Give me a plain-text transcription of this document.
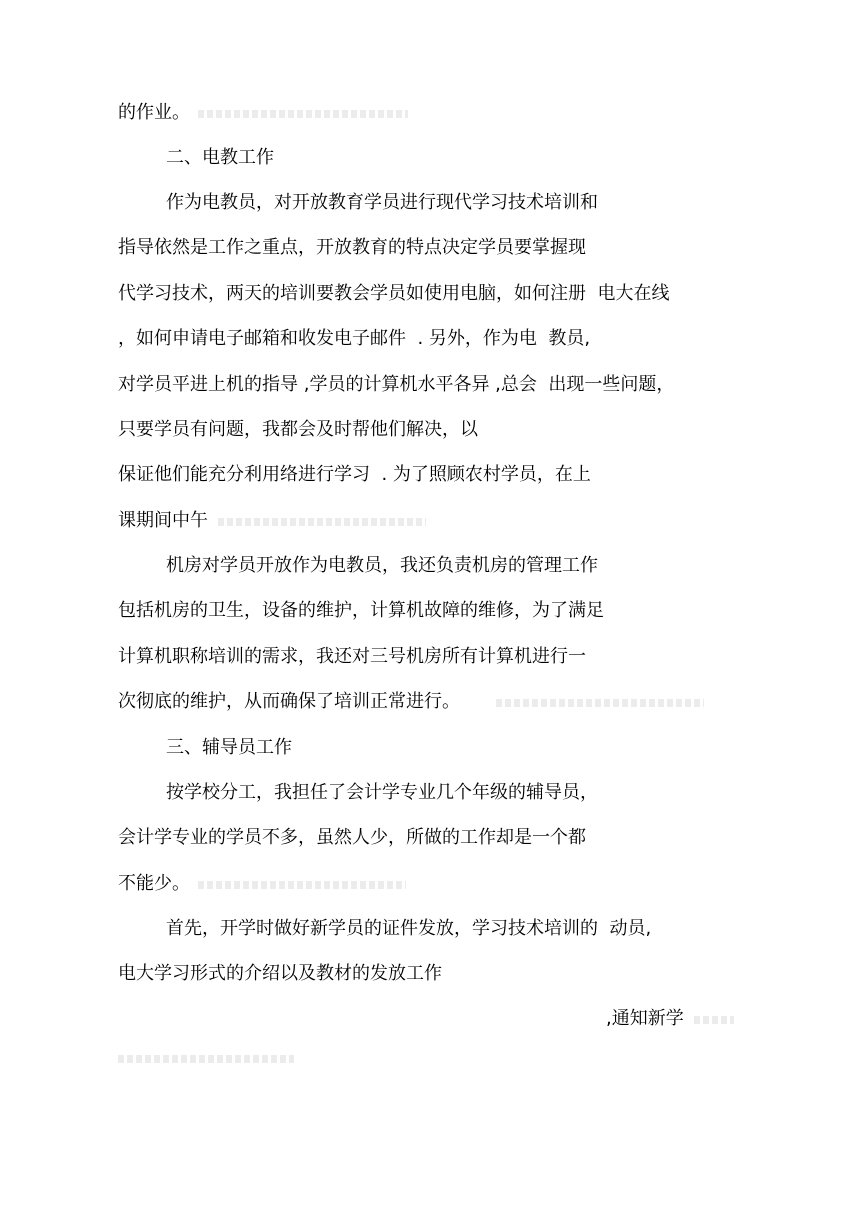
的作业。
二、电教工作
作为电教员，对开放教育学员进行现代学习技术培训和
指导依然是工作之重点，开放教育的特点决定学员要掌握现
代学习技术，两天的培训要教会学员如使用电脑，如何注册  电大在线
，如何申请电子邮箱和收发电子邮件  . 另外，作为电  教员,
对学员平进上机的指导 ,学员的计算机水平各异 ,总会  出现一些问题，
只要学员有问题，我都会及时帮他们解决，以
保证他们能充分利用络进行学习  . 为了照顾农村学员，在上
课期间中午
机房对学员开放作为电教员，我还负责机房的管理工作
包括机房的卫生，设备的维护，计算机故障的维修，为了满足
计算机职称培训的需求，我还对三号机房所有计算机进行一
次彻底的维护，从而确保了培训正常进行。
三、辅导员工作
按学校分工，我担任了会计学专业几个年级的辅导员，
会计学专业的学员不多，虽然人少，所做的工作却是一个都
不能少。
首先，开学时做好新学员的证件发放，学习技术培训的  动员,
电大学习形式的介绍以及教材的发放工作
,通知新学
